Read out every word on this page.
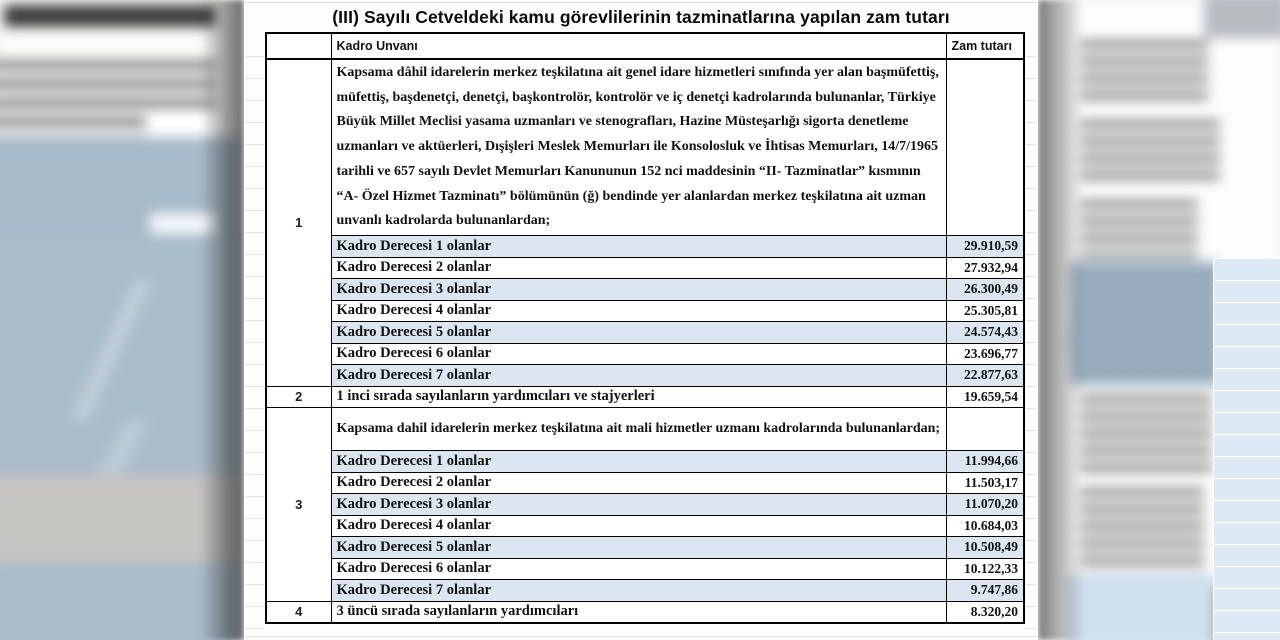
(III) Sayılı Cetveldeki kamu görevlilerinin tazminatlarına yapılan zam tutarı
	Kadro Unvanı	Zam tutarı
1	Kapsama dâhil idarelerin merkez teşkilatına ait genel idare hizmetleri sınıfında yer alan başmüfettiş, müfettiş, başdenetçi, denetçi, başkontrolör, kontrolör ve iç denetçi kadrolarında bulunanlar, Türkiye Büyük Millet Meclisi yasama uzmanları ve stenografları, Hazine Müsteşarlığı sigorta denetleme uzmanları ve aktüerleri, Dışişleri Meslek Memurları ile Konsolosluk ve İhtisas Memurları, 14/7/1965 tarihli ve 657 sayılı Devlet Memurları Kanununun 152 nci maddesinin “II- Tazminatlar” kısmının “A- Özel Hizmet Tazminatı” bölümünün (ğ) bendinde yer alanlardan merkez teşkilatına ait uzman unvanlı kadrolarda bulunanlardan;	
	Kadro Derecesi 1 olanlar	29.910,59
	Kadro Derecesi 2 olanlar	27.932,94
	Kadro Derecesi 3 olanlar	26.300,49
	Kadro Derecesi 4 olanlar	25.305,81
	Kadro Derecesi 5 olanlar	24.574,43
	Kadro Derecesi 6 olanlar	23.696,77
	Kadro Derecesi 7 olanlar	22.877,63
2	1 inci sırada sayılanların yardımcıları ve stajyerleri	19.659,54
3	Kapsama dahil idarelerin merkez teşkilatına ait mali hizmetler uzmanı kadrolarında bulunanlardan;	
	Kadro Derecesi 1 olanlar	11.994,66
	Kadro Derecesi 2 olanlar	11.503,17
	Kadro Derecesi 3 olanlar	11.070,20
	Kadro Derecesi 4 olanlar	10.684,03
	Kadro Derecesi 5 olanlar	10.508,49
	Kadro Derecesi 6 olanlar	10.122,33
	Kadro Derecesi 7 olanlar	9.747,86
4	3 üncü sırada sayılanların yardımcıları	8.320,20
